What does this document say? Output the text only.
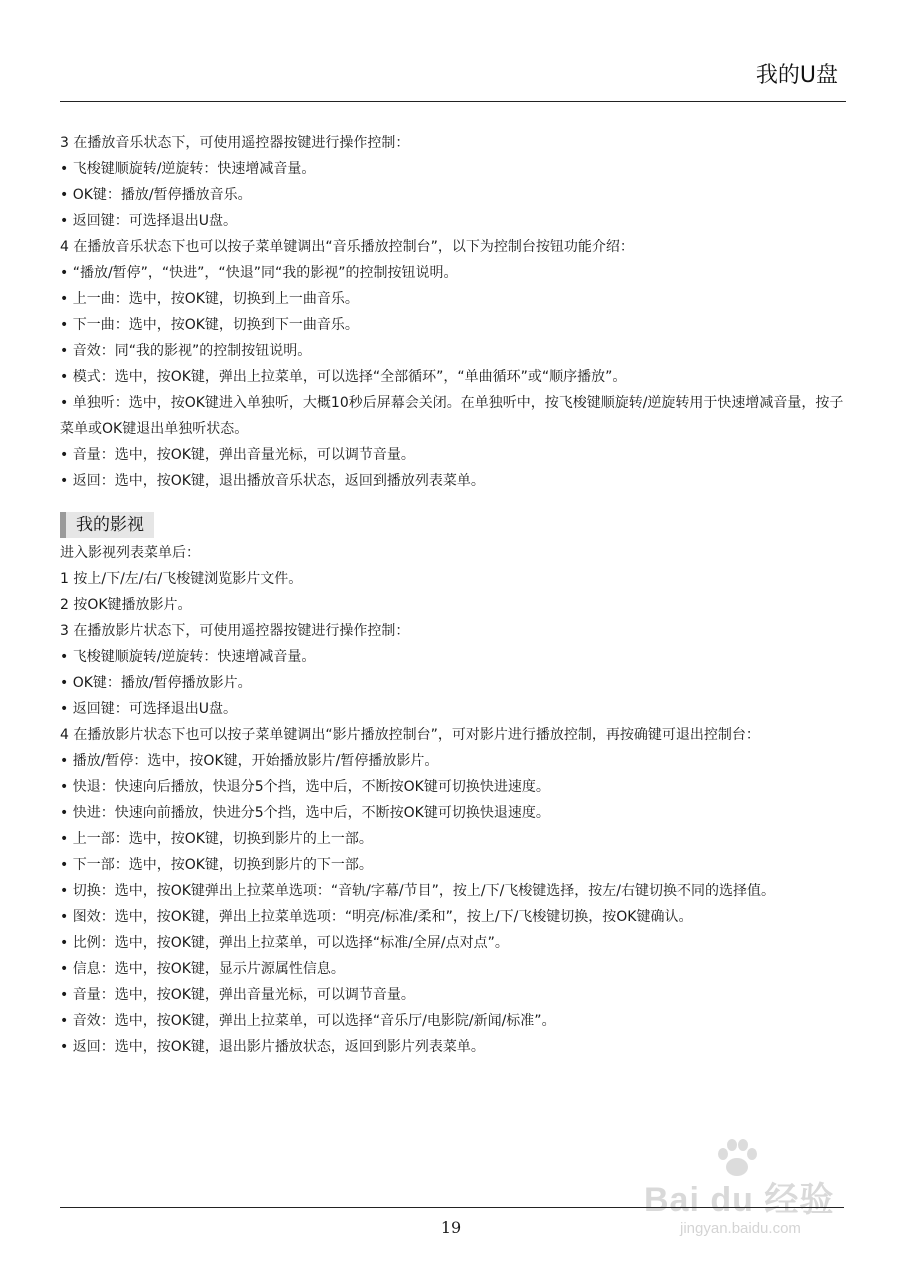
我的U盘

3 在播放音乐状态下，可使用遥控器按键进行操作控制：

• 飞梭键顺旋转/逆旋转：快速增减音量。

• OK键：播放/暂停播放音乐。

• 返回键：可选择退出U盘。

4 在播放音乐状态下也可以按子菜单键调出“音乐播放控制台”，以下为控制台按钮功能介绍：

• “播放/暂停”，“快进”，“快退”同“我的影视”的控制按钮说明。

• 上一曲：选中，按OK键，切换到上一曲音乐。

• 下一曲：选中，按OK键，切换到下一曲音乐。

• 音效：同“我的影视”的控制按钮说明。

• 模式：选中，按OK键，弹出上拉菜单，可以选择“全部循环”，“单曲循环”或“顺序播放”。

• 单独听：选中，按OK键进入单独听，大概10秒后屏幕会关闭。在单独听中，按飞梭键顺旋转/逆旋转用于快速增减音量，按子菜单或OK键退出单独听状态。

• 音量：选中，按OK键，弹出音量光标，可以调节音量。

• 返回：选中，按OK键，退出播放音乐状态，返回到播放列表菜单。

我的影视

进入影视列表菜单后：

1 按上/下/左/右/飞梭键浏览影片文件。

2 按OK键播放影片。

3 在播放影片状态下，可使用遥控器按键进行操作控制：

• 飞梭键顺旋转/逆旋转：快速增减音量。

• OK键：播放/暂停播放影片。

• 返回键：可选择退出U盘。

4 在播放影片状态下也可以按子菜单键调出“影片播放控制台”，可对影片进行播放控制，再按确键可退出控制台：

• 播放/暂停：选中，按OK键，开始播放影片/暂停播放影片。

• 快退：快速向后播放，快退分5个挡，选中后，不断按OK键可切换快进速度。

• 快进：快速向前播放，快进分5个挡，选中后，不断按OK键可切换快退速度。

• 上一部：选中，按OK键，切换到影片的上一部。

• 下一部：选中，按OK键，切换到影片的下一部。

• 切换：选中，按OK键弹出上拉菜单选项：“音轨/字幕/节目”，按上/下/飞梭键选择，按左/右键切换不同的选择值。

• 图效：选中，按OK键，弹出上拉菜单选项：“明亮/标准/柔和”，按上/下/飞梭键切换，按OK键确认。

• 比例：选中，按OK键，弹出上拉菜单，可以选择“标准/全屏/点对点”。

• 信息：选中，按OK键，显示片源属性信息。

• 音量：选中，按OK键，弹出音量光标，可以调节音量。

• 音效：选中，按OK键，弹出上拉菜单，可以选择“音乐厅/电影院/新闻/标准”。

• 返回：选中，按OK键，退出影片播放状态，返回到影片列表菜单。

Bai du 经验
jingyan.baidu.com
19
